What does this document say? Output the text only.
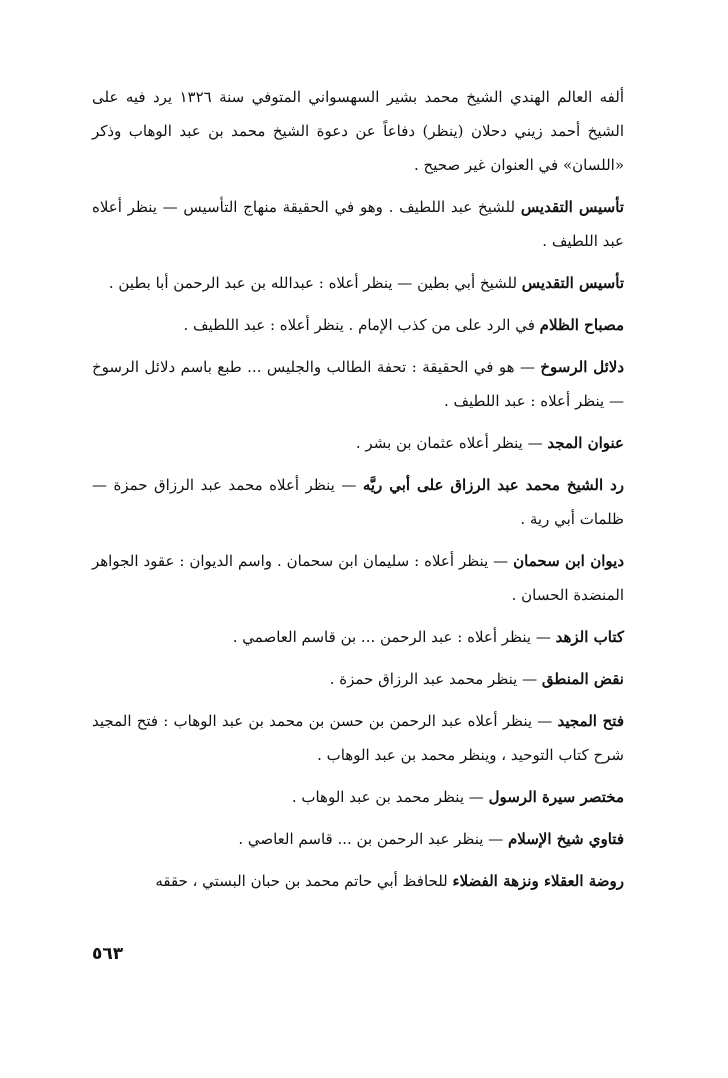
ألفه العالم الهندي الشيخ محمد بشير السهسواني المتوفي سنة ١٣٢٦ يرد فيه على الشيخ أحمد زيني دحلان (ينظر) دفاعاً عن دعوة الشيخ محمد بن عبد الوهاب وذكر «اللسان» في العنوان غير صحيح .

تأسيس التقديس للشيخ عبد اللطيف . وهو في الحقيقة منهاج التأسيس — ينظر أعلاه عبد اللطيف .

تأسيس التقديس للشيخ أبي بطين — ينظر أعلاه : عبدالله بن عبد الرحمن أبا بطين .

مصباح الظلام في الرد على من كذب الإمام . ينظر أعلاه : عبد اللطيف .

دلائل الرسوخ — هو في الحقيقة : تحفة الطالب والجليس ... طبع باسم دلائل الرسوخ — ينظر أعلاه : عبد اللطيف .

عنوان المجد — ينظر أعلاه عثمان بن بشر .

رد الشيخ محمد عبد الرزاق على أبي ريَّه — ينظر أعلاه محمد عبد الرزاق حمزة — ظلمات أبي رية .

ديوان ابن سحمان — ينظر أعلاه : سليمان ابن سحمان . واسم الديوان : عقود الجواهر المنضدة الحسان .

كتاب الزهد — ينظر أعلاه : عبد الرحمن ... بن قاسم العاصمي .

نقض المنطق — ينظر محمد عبد الرزاق حمزة .

فتح المجيد — ينظر أعلاه عبد الرحمن بن حسن بن محمد بن عبد الوهاب : فتح المجيد شرح كتاب التوحيد ، وينظر محمد بن عبد الوهاب .

مختصر سيرة الرسول — ينظر محمد بن عبد الوهاب .

فتاوي شيخ الإسلام — ينظر عبد الرحمن بن ... قاسم العاصي .

روضة العقلاء ونزهة الفضلاء للحافظ أبي حاتم محمد بن حبان البستي ، حققه

٥٦٣
